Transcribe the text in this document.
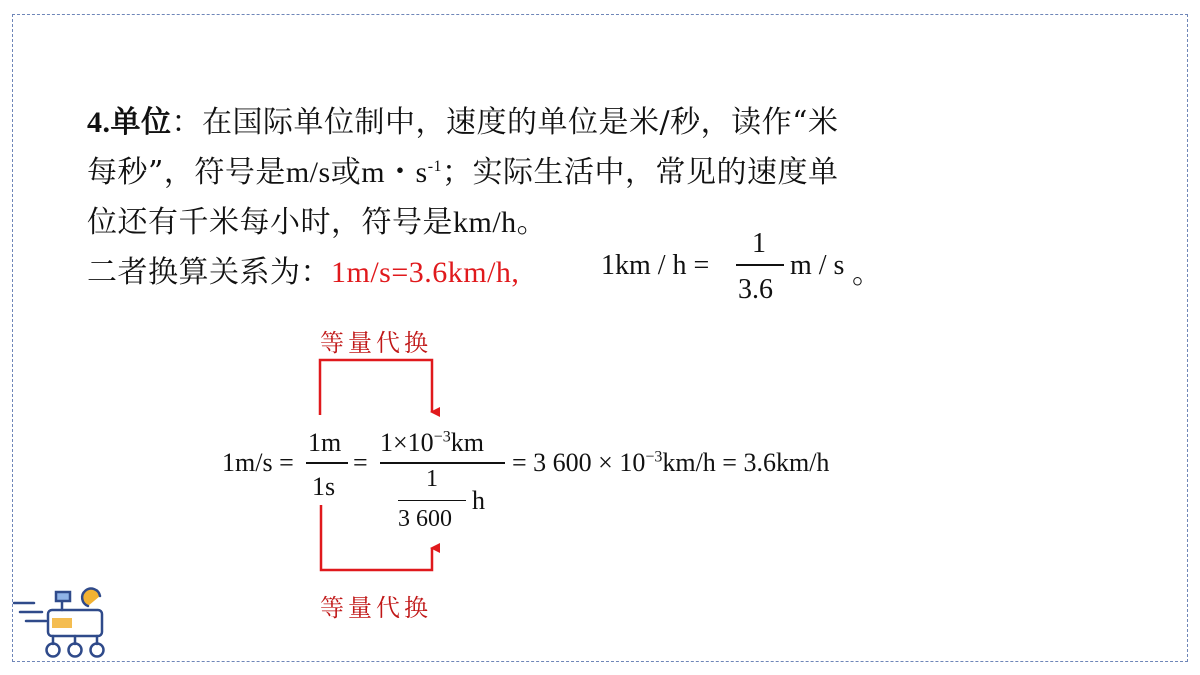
4.单位：在国际单位制中，速度的单位是米/秒，读作“米
每秒”，符号是m/s或m・$s^{-1}$；实际生活中，常见的速度单
位还有千米每小时，符号是km/h。
二者换算关系为：1m/s=3.6km/h,	1km / h =
1
3.6
m / s 。
等量代换
等量代换
1m/s =
1m
1s
=
$1\times 10^{-3}km$
1
3 600
h
= 3 $600 \times 10^{-3}km/h = 3.6km/h$
